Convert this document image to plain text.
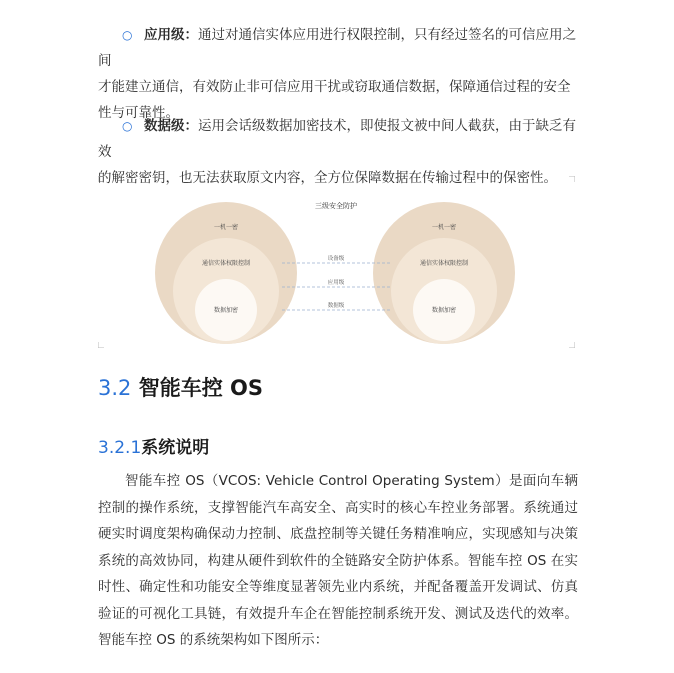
○ 应用级：通过对通信实体应用进行权限控制，只有经过签名的可信应用之间

才能建立通信，有效防止非可信应用干扰或窃取通信数据，保障通信过程的安全

性与可靠性。

○ 数据级：运用会话级数据加密技术，即使报文被中间人截获，由于缺乏有效

的解密密钥，也无法获取原文内容，全方位保障数据在传输过程中的保密性。

三级安全防护
一机一密
通信实体权限控制
数据加密
一机一密
通信实体权限控制
数据加密
设备级
应用级
数据级
3.2 智能车控 OS
3.2.1系统说明

智能车控 OS（VCOS: Vehicle Control Operating System）是面向车辆控制的操作系统，支撑智能汽车高安全、高实时的核心车控业务部署。系统通过硬实时调度架构确保动力控制、底盘控制等关键任务精准响应，实现感知与决策系统的高效协同，构建从硬件到软件的全链路安全防护体系。智能车控 OS 在实时性、确定性和功能安全等维度显著领先业内系统，并配备覆盖开发调试、仿真验证的可视化工具链，有效提升车企在智能控制系统开发、测试及迭代的效率。智能车控 OS 的系统架构如下图所示：
